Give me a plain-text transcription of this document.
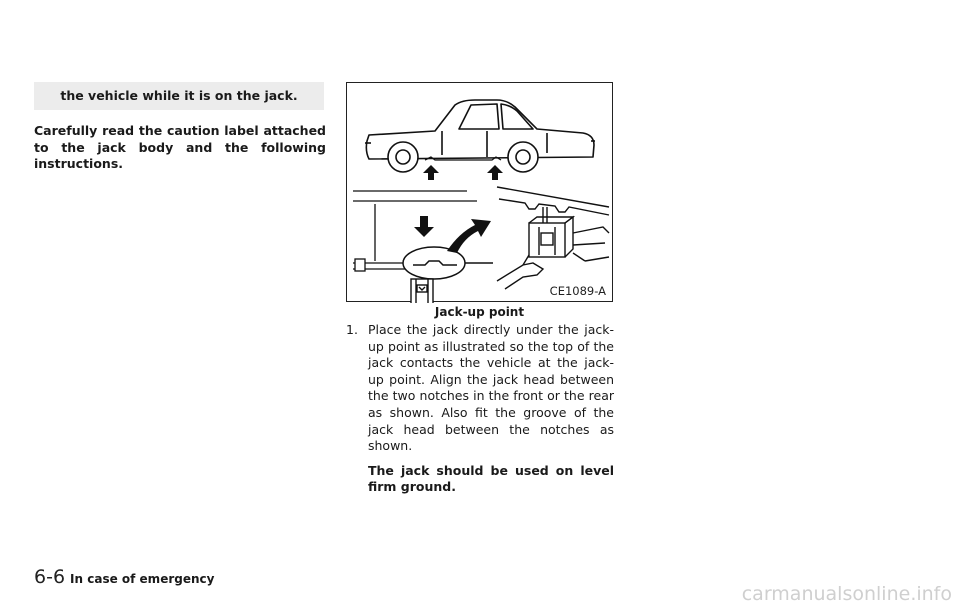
the vehicle while it is on the jack.
Carefully read the caution label attached to the jack body and the following instructions.
CE1089-A
Jack-up point
1. Place the jack directly under the jack-up point as illustrated so the top of the jack contacts the vehicle at the jack-up point. Align the jack head between the two notches in the front or the rear as shown. Also fit the groove of the jack head between the notches as shown.
The jack should be used on level firm ground.
6-6 In case of emergency
carmanualsonline.info
